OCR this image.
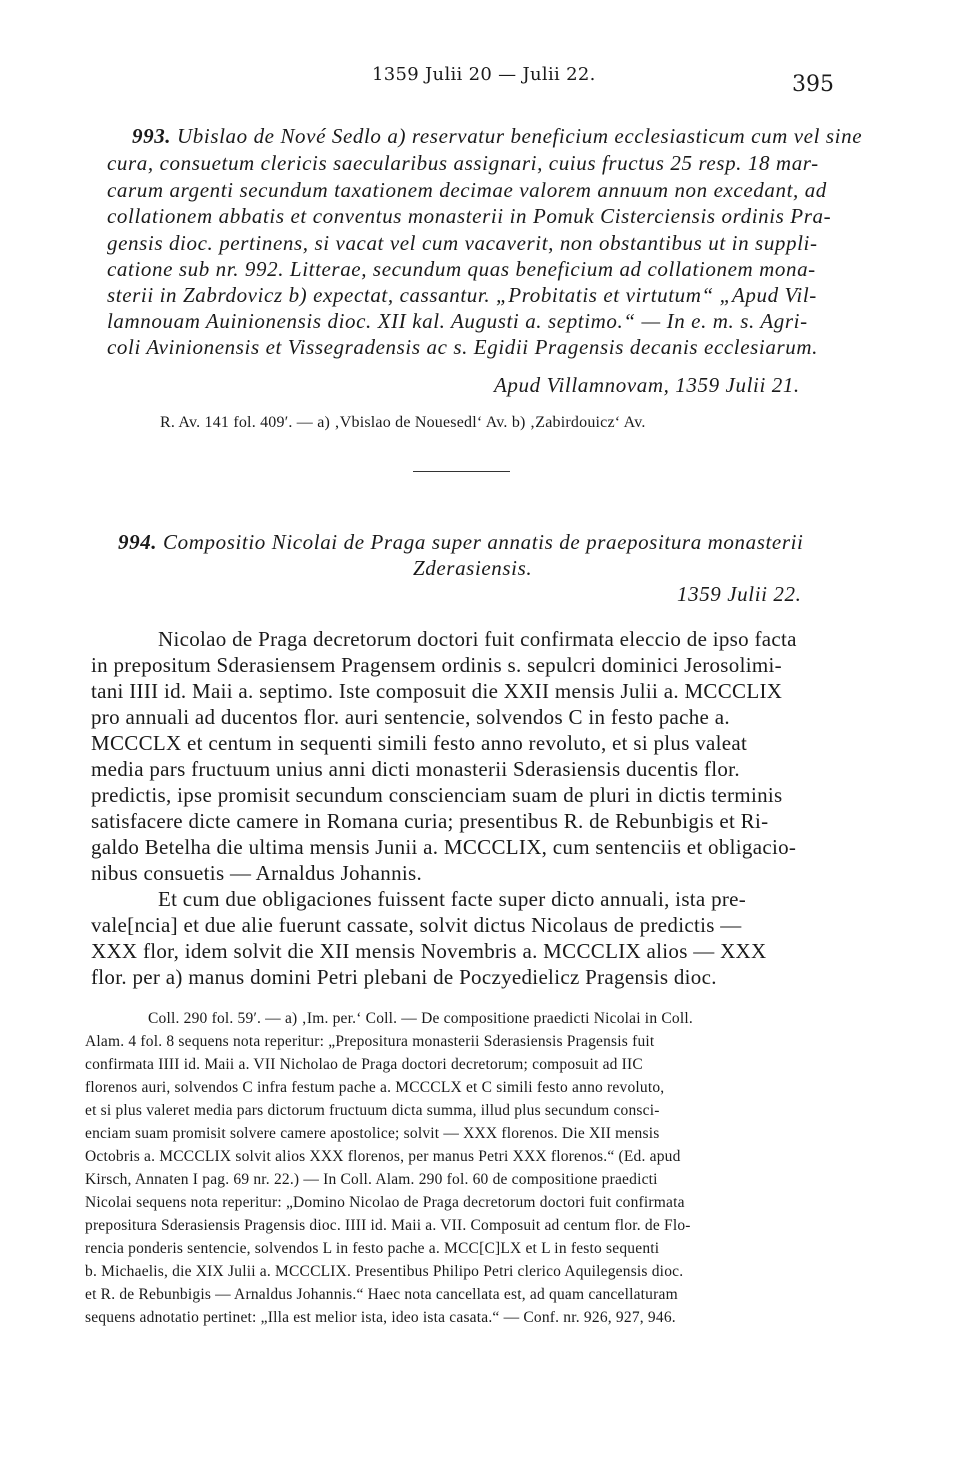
1359 Julii 20 — Julii 22.	395
993. Ubislao de Nové Sedlo a) reservatur beneficium ecclesiasticum cum vel sine
cura, consuetum clericis saecularibus assignari, cuius fructus 25 resp. 18 mar-
carum argenti secundum taxationem decimae valorem annuum non excedant, ad
collationem abbatis et conventus monasterii in Pomuk Cisterciensis ordinis Pra-
gensis dioc. pertinens, si vacat vel cum vacaverit, non obstantibus ut in suppli-
catione sub nr. 992. Litterae, secundum quas beneficium ad collationem mona-
sterii in Zabrdovicz b) expectat, cassantur. „Probitatis et virtutum“ „Apud Vil-
lamnouam Auinionensis dioc. XII kal. Augusti a. septimo.“ — In e. m. s. Agri-
coli Avinionensis et Vissegradensis ac s. Egidii Pragensis decanis ecclesiarum.
Apud Villamnovam, 1359 Julii 21.
R. Av. 141 fol. 409′. — a) ‚Vbislao de Nouesedl‘ Av. b) ‚Zabirdouicz‘ Av.
994. Compositio Nicolai de Praga super annatis de praepositura monasterii
Zderasiensis.
1359 Julii 22.
Nicolao de Praga decretorum doctori fuit confirmata eleccio de ipso facta
in prepositum Sderasiensem Pragensem ordinis s. sepulcri dominici Jerosolimi-
tani IIII id. Maii a. septimo. Iste composuit die XXII mensis Julii a. MCCCLIX
pro annuali ad ducentos flor. auri sentencie, solvendos C in festo pache a.
MCCCLX et centum in sequenti simili festo anno revoluto, et si plus valeat
media pars fructuum unius anni dicti monasterii Sderasiensis ducentis flor.
predictis, ipse promisit secundum conscienciam suam de pluri in dictis terminis
satisfacere dicte camere in Romana curia; presentibus R. de Rebunbigis et Ri-
galdo Betelha die ultima mensis Junii a. MCCCLIX, cum sentenciis et obligacio-
nibus consuetis — Arnaldus Johannis.
Et cum due obligaciones fuissent facte super dicto annuali, ista pre-
vale[ncia] et due alie fuerunt cassate, solvit dictus Nicolaus de predictis —
XXX flor, idem solvit die XII mensis Novembris a. MCCCLIX alios — XXX
flor. per a) manus domini Petri plebani de Poczyedielicz Pragensis dioc.
Coll. 290 fol. 59′. — a) ‚Im. per.‘ Coll. — De compositione praedicti Nicolai in Coll.
Alam. 4 fol. 8 sequens nota reperitur: „Prepositura monasterii Sderasiensis Pragensis fuit
confirmata IIII id. Maii a. VII Nicholao de Praga doctori decretorum; composuit ad IIC
florenos auri, solvendos C infra festum pache a. MCCCLX et C simili festo anno revoluto,
et si plus valeret media pars dictorum fructuum dicta summa, illud plus secundum consci-
enciam suam promisit solvere camere apostolice; solvit — XXX florenos. Die XII mensis
Octobris a. MCCCLIX solvit alios XXX florenos, per manus Petri XXX florenos.“ (Ed. apud
Kirsch, Annaten I pag. 69 nr. 22.) — In Coll. Alam. 290 fol. 60 de compositione praedicti
Nicolai sequens nota reperitur: „Domino Nicolao de Praga decretorum doctori fuit confirmata
prepositura Sderasiensis Pragensis dioc. IIII id. Maii a. VII. Composuit ad centum flor. de Flo-
rencia ponderis sentencie, solvendos L in festo pache a. MCC[C]LX et L in festo sequenti
b. Michaelis, die XIX Julii a. MCCCLIX. Presentibus Philipo Petri clerico Aquilegensis dioc.
et R. de Rebunbigis — Arnaldus Johannis.“ Haec nota cancellata est, ad quam cancellaturam
sequens adnotatio pertinet: „Illa est melior ista, ideo ista casata.“ — Conf. nr. 926, 927, 946.
